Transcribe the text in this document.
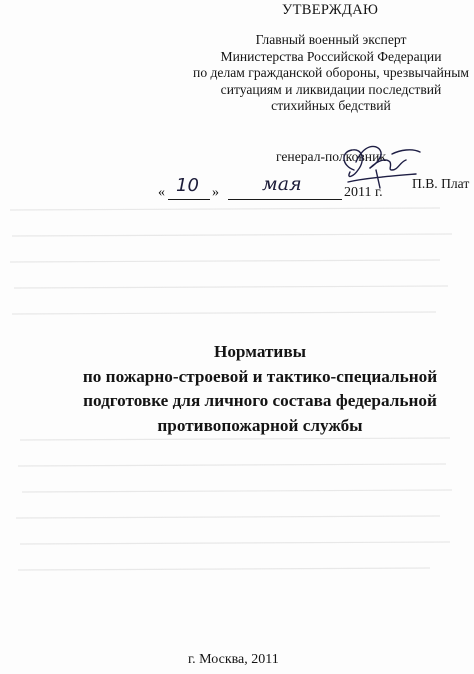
УТВЕРЖДАЮ
Главный военный эксперт
Министерства Российской Федерации
по делам гражданской обороны, чрезвычайным
ситуациям и ликвидации последствий
стихийных бедствий
генерал-полковник
П.В. Плат
« 10 » мая	2011 г.
Нормативы
по пожарно-строевой и тактико-специальной
подготовке для личного состава федеральной
противопожарной службы
г. Москва, 2011
